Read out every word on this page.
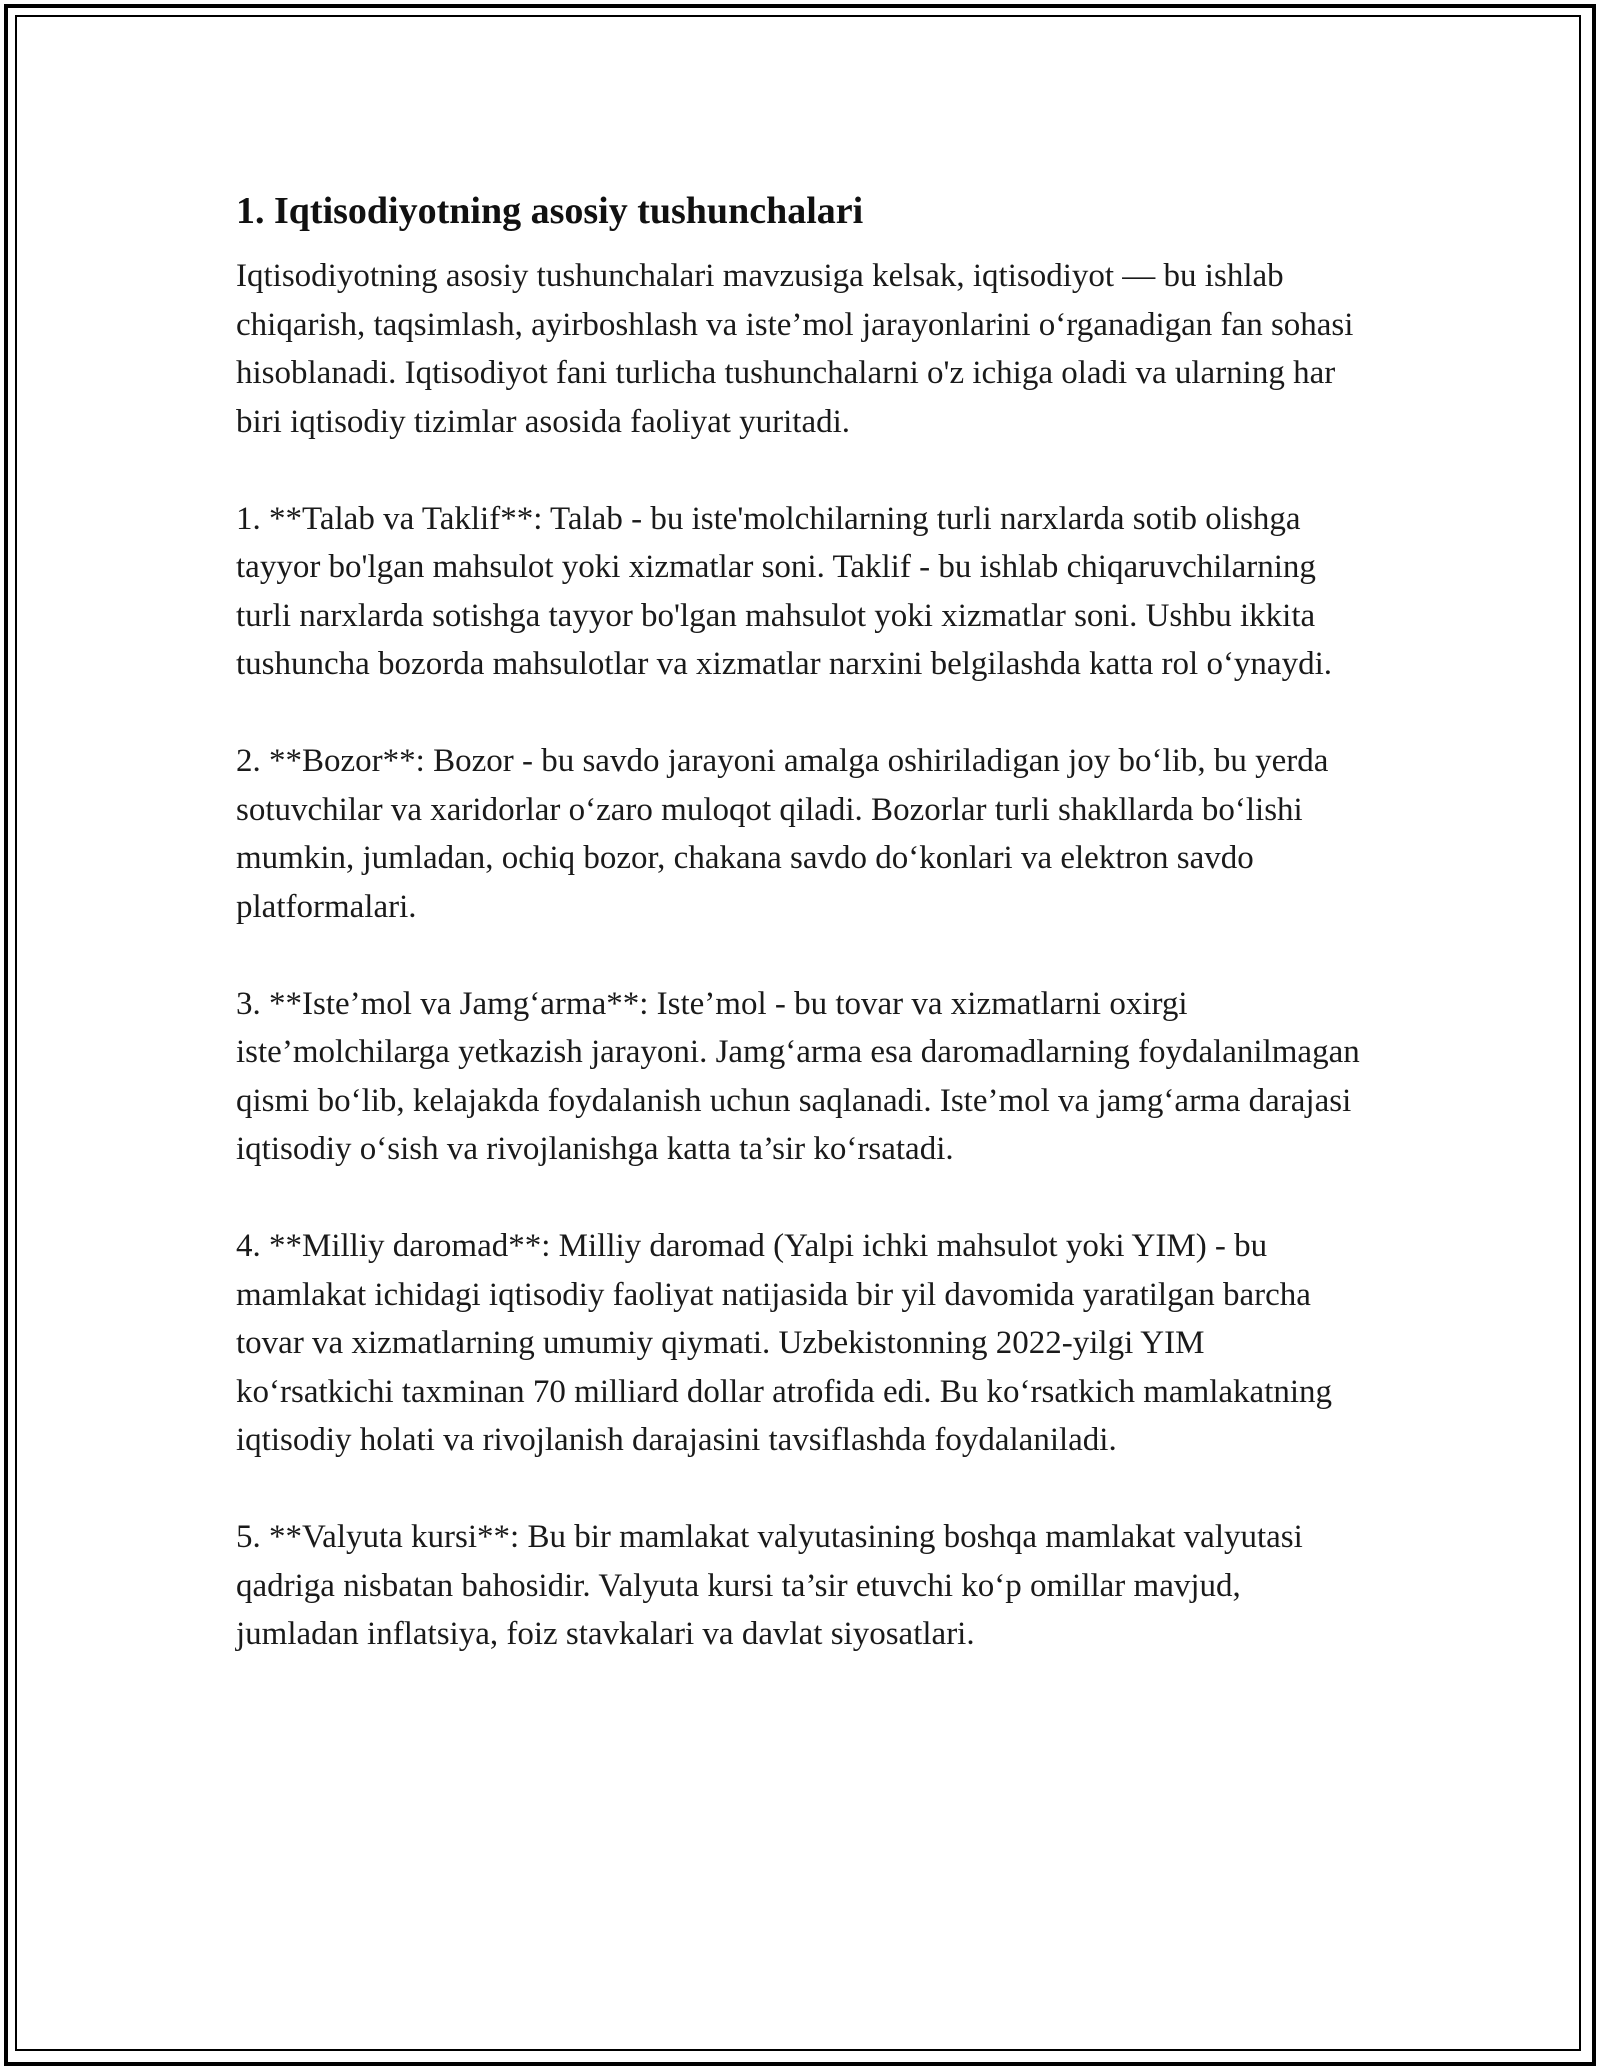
1. Iqtisodiyotning asosiy tushunchalari

Iqtisodiyotning asosiy tushunchalari mavzusiga kelsak, iqtisodiyot — bu ishlab chiqarish, taqsimlash, ayirboshlash va iste’mol jarayonlarini o‘rganadigan fan sohasi hisoblanadi. Iqtisodiyot fani turlicha tushunchalarni o'z ichiga oladi va ularning har biri iqtisodiy tizimlar asosida faoliyat yuritadi.

1. **Talab va Taklif**: Talab - bu iste'molchilarning turli narxlarda sotib olishga tayyor bo'lgan mahsulot yoki xizmatlar soni. Taklif - bu ishlab chiqaruvchilarning turli narxlarda sotishga tayyor bo'lgan mahsulot yoki xizmatlar soni. Ushbu ikkita tushuncha bozorda mahsulotlar va xizmatlar narxini belgilashda katta rol o‘ynaydi.

2. **Bozor**: Bozor - bu savdo jarayoni amalga oshiriladigan joy bo‘lib, bu yerda sotuvchilar va xaridorlar o‘zaro muloqot qiladi. Bozorlar turli shakllarda bo‘lishi mumkin, jumladan, ochiq bozor, chakana savdo do‘konlari va elektron savdo platformalari.

3. **Iste’mol va Jamg‘arma**: Iste’mol - bu tovar va xizmatlarni oxirgi iste’molchilarga yetkazish jarayoni. Jamg‘arma esa daromadlarning foydalanilmagan qismi bo‘lib, kelajakda foydalanish uchun saqlanadi. Iste’mol va jamg‘arma darajasi iqtisodiy o‘sish va rivojlanishga katta ta’sir ko‘rsatadi.

4. **Milliy daromad**: Milliy daromad (Yalpi ichki mahsulot yoki YIM) - bu mamlakat ichidagi iqtisodiy faoliyat natijasida bir yil davomida yaratilgan barcha tovar va xizmatlarning umumiy qiymati. Uzbekistonning 2022-yilgi YIM ko‘rsatkichi taxminan 70 milliard dollar atrofida edi. Bu ko‘rsatkich mamlakatning iqtisodiy holati va rivojlanish darajasini tavsiflashda foydalaniladi.

5. **Valyuta kursi**: Bu bir mamlakat valyutasining boshqa mamlakat valyutasi qadriga nisbatan bahosidir. Valyuta kursi ta’sir etuvchi ko‘p omillar mavjud, jumladan inflatsiya, foiz stavkalari va davlat siyosatlari.
